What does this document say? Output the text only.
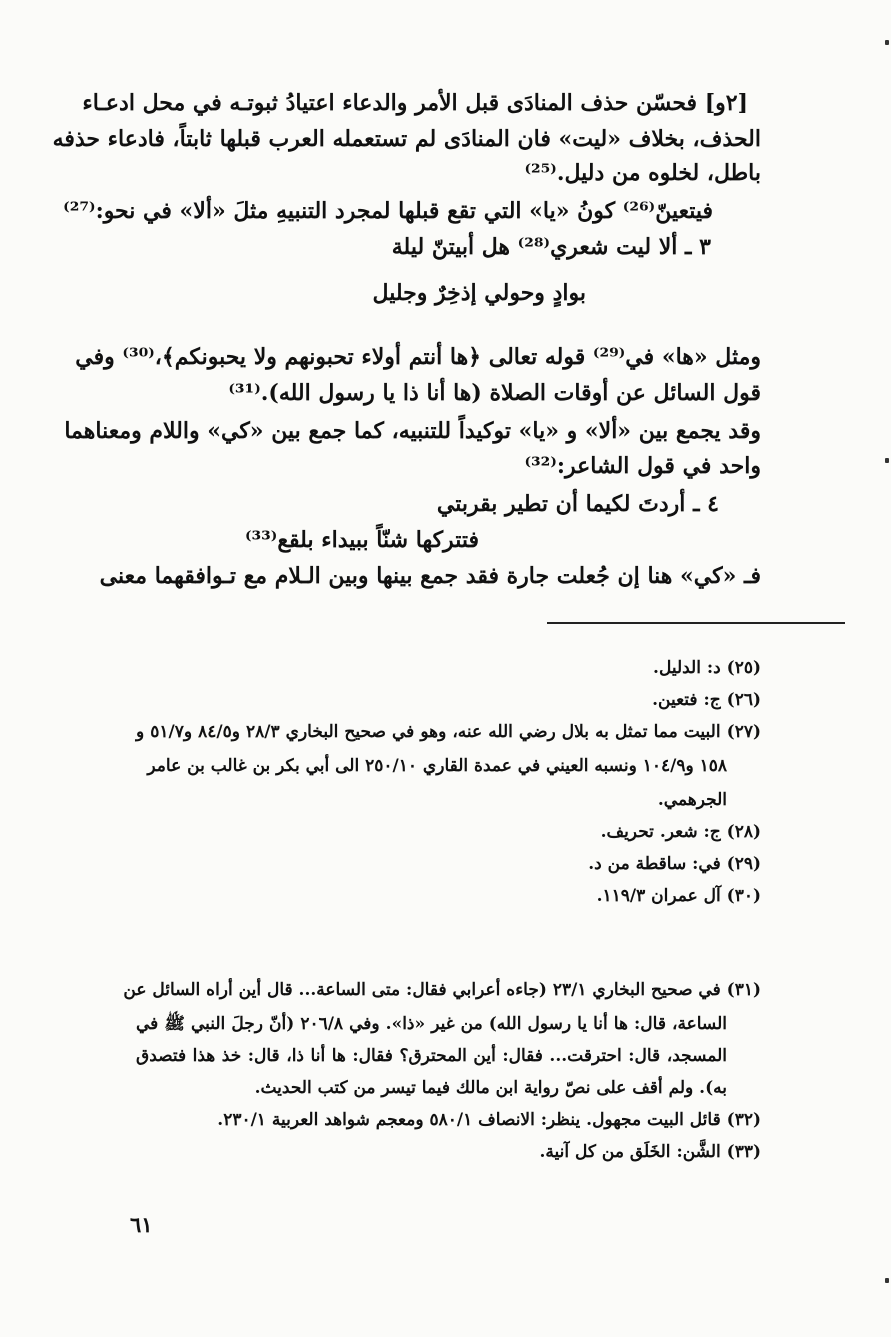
[٢و] فحسّن حذف المنادَى قبل الأمر والدعاء اعتيادُ ثبوتـه في محل ادعـاء
الحذف، بخلاف «ليت» فان المنادَى لم تستعمله العرب قبلها ثابتاً، فادعاء حذفه
باطل، لخلوه من دليل.⁽²⁵⁾
فيتعينّ⁽²⁶⁾ كونُ «يا» التي تقع قبلها لمجرد التنبيهِ مثلَ «ألا» في نحو:⁽²⁷⁾
٣ ـ ألا ليت شعري⁽²⁸⁾ هل أبيتنّ ليلة
بوادٍ وحولي إذخِرٌ وجليل
ومثل «ها» في⁽²⁹⁾ قوله تعالى ﴿ها أنتم أولاء تحبونهم ولا يحبونكم﴾،⁽³⁰⁾ وفي
قول السائل عن أوقات الصلاة (ها أنا ذا يا رسول الله).⁽³¹⁾
وقد يجمع بين «ألا» و «يا» توكيداً للتنبيه، كما جمع بين «كي» واللام ومعناهما
واحد في قول الشاعر:⁽³²⁾
٤ ـ أردتَ لكيما أن تطير بقربتي
فتتركها شنّاً ببيداء بلقع⁽³³⁾
فـ «كي» هنا إن جُعلت جارة فقد جمع بينها وبين الـلام مع تـوافقهما معنى
(٢٥) د: الدليل.
(٢٦) ج: فتعين.
(٢٧) البيت مما تمثل به بلال رضي الله عنه، وهو في صحيح البخاري ٢٨/٣ و٨٤/٥ و٥١/٧ و
١٥٨ و١٠٤/٩ ونسبه العيني في عمدة القاري ٢٥٠/١٠ الى أبي بكر بن غالب بن عامر
الجرهمي.
(٢٨) ج: شعر. تحريف.
(٢٩) في: ساقطة من د.
(٣٠) آل عمران ١١٩/٣.
(٣١) في صحيح البخاري ٢٣/١ (جاءه أعرابي فقال: متى الساعة... قال أين أراه السائل عن
الساعة، قال: ها أنا يا رسول الله) من غير «ذا». وفي ٢٠٦/٨ (أنّ رجلَ النبي ﷺ في
المسجد، قال: احترقت... فقال: أين المحترق؟ فقال: ها أنا ذا، قال: خذ هذا فتصدق
به). ولم أقف على نصّ رواية ابن مالك فيما تيسر من كتب الحديث.
(٣٢) قائل البيت مجهول. ينظر: الانصاف ٥٨٠/١ ومعجم شواهد العربية ٢٣٠/١.
(٣٣) الشَّن: الخَلَق من كل آنية.
٦١
